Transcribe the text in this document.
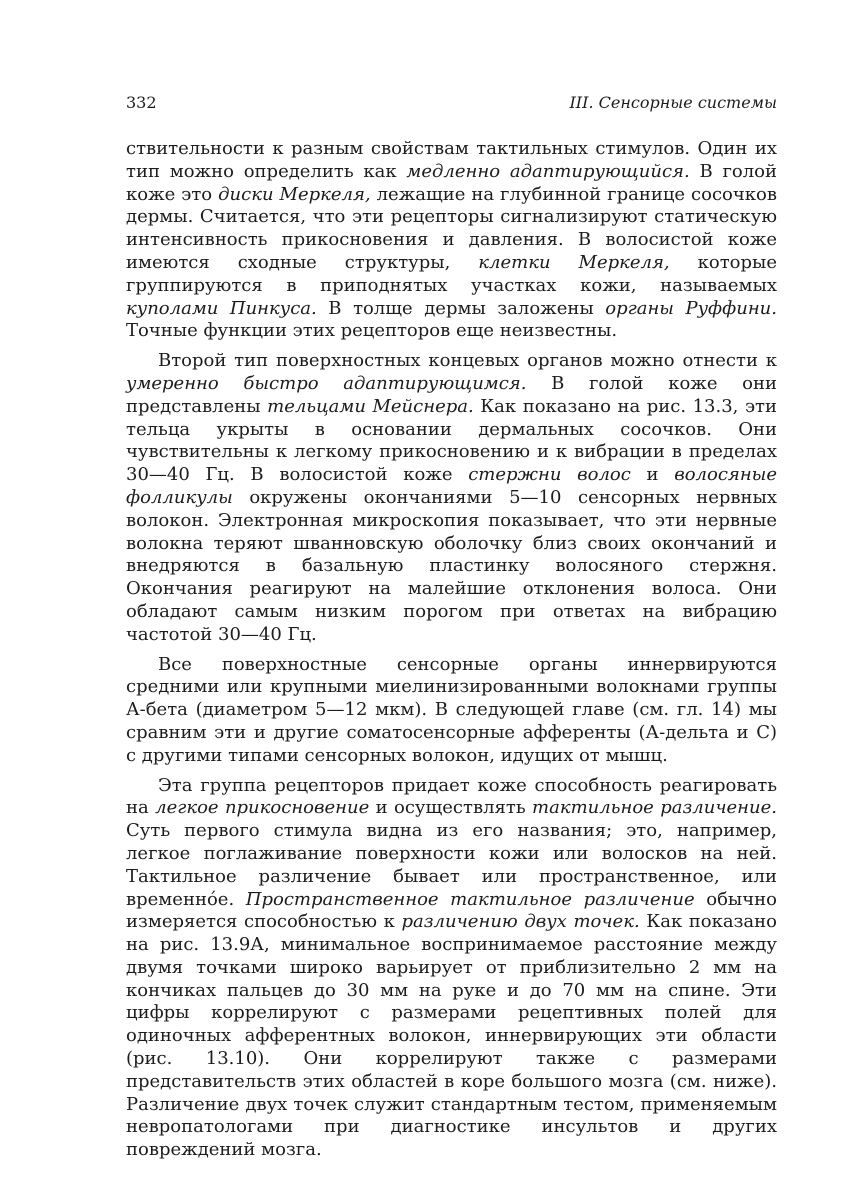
332	III. Сенсорные системы

ствительности к разным свойствам тактильных стимулов. Один их тип можно определить как медленно адаптирующийся. В голой коже это диски Меркеля, лежащие на глубинной границе сосочков дермы. Считается, что эти рецепторы сигнализируют статическую интенсивность прикосновения и давления. В волосистой коже имеются сходные структуры, клетки Меркеля, которые группируются в приподнятых участках кожи, называемых куполами Пинкуса. В толще дермы заложены органы Руффини. Точные функции этих рецепторов еще неизвестны.

Второй тип поверхностных концевых органов можно отнести к умеренно быстро адаптирующимся. В голой коже они представлены тельцами Мейснера. Как показано на рис. 13.3, эти тельца укрыты в основании дермальных сосочков. Они чувствительны к легкому прикосновению и к вибрации в пределах 30—40 Гц. В волосистой коже стержни волос и волосяные фолликулы окружены окончаниями 5—10 сенсорных нервных волокон. Электронная микроскопия показывает, что эти нервные волокна теряют шванновскую оболочку близ своих окончаний и внедряются в базальную пластинку волосяного стержня. Окончания реагируют на малейшие отклонения волоса. Они обладают самым низким порогом при ответах на вибрацию частотой 30—40 Гц.

Все поверхностные сенсорные органы иннервируются средними или крупными миелинизированными волокнами группы А-бета (диаметром 5—12 мкм). В следующей главе (см. гл. 14) мы сравним эти и другие соматосенсорные афференты (А-дельта и С) с другими типами сенсорных волокон, идущих от мышц.

Эта группа рецепторов придает коже способность реагировать на легкое прикосновение и осуществлять тактильное различение. Суть первого стимула видна из его названия; это, например, легкое поглаживание поверхности кожи или волосков на ней. Тактильное различение бывает или пространственное, или временно́е. Пространственное тактильное различение обычно измеряется способностью к различению двух точек. Как показано на рис. 13.9А, минимальное воспринимаемое расстояние между двумя точками широко варьирует от приблизительно 2 мм на кончиках пальцев до 30 мм на руке и до 70 мм на спине. Эти цифры коррелируют с размерами рецептивных полей для одиночных афферентных волокон, иннервирующих эти области (рис. 13.10). Они коррелируют также с размерами представительств этих областей в коре большого мозга (см. ниже). Различение двух точек служит стандартным тестом, применяемым невропатологами при диагностике инсультов и других повреждений мозга.
